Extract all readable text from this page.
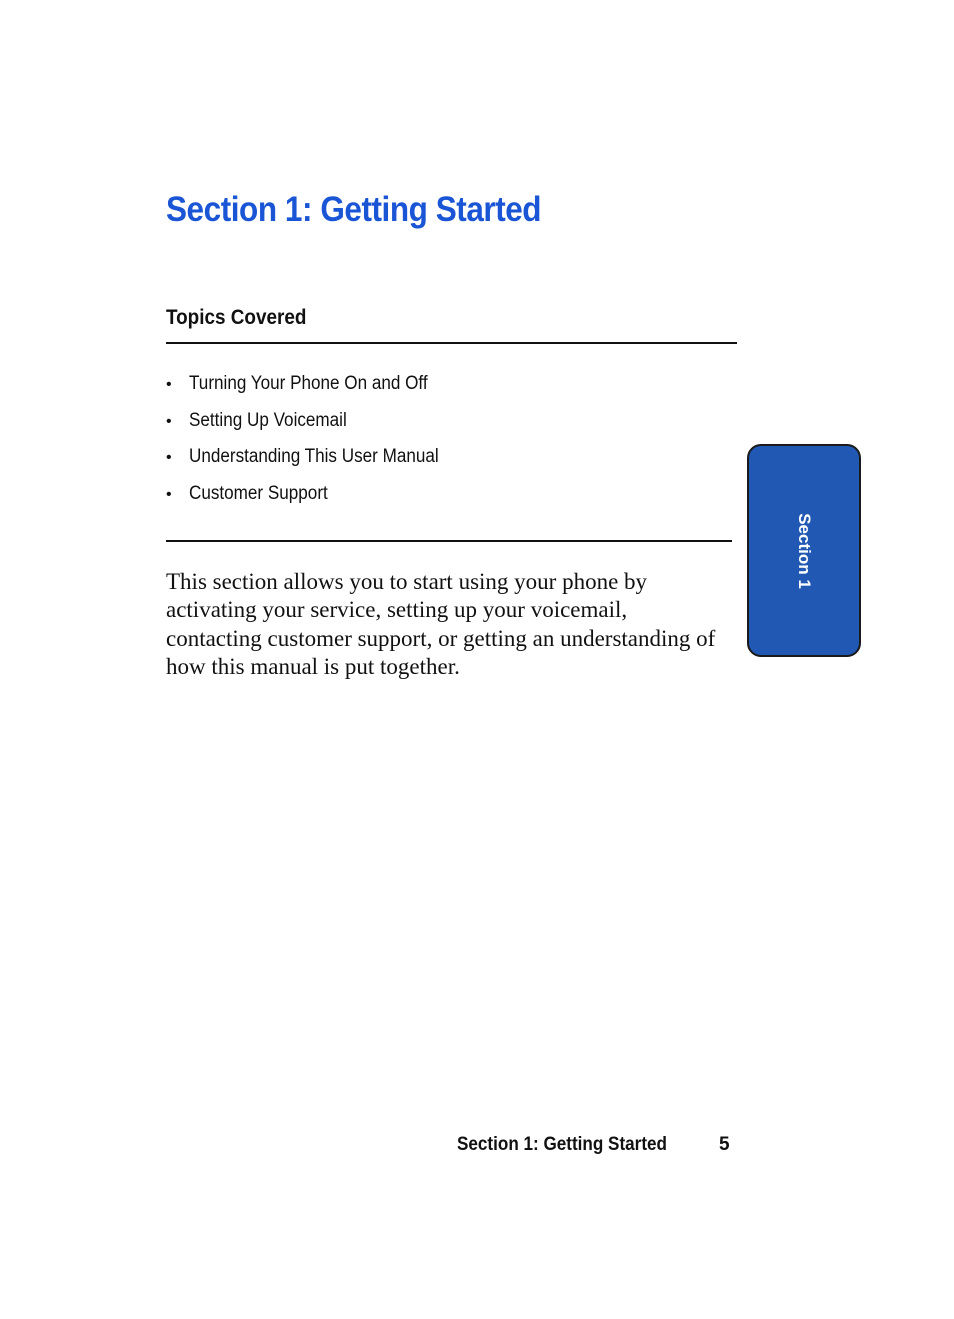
Section 1: Getting Started
Topics Covered
• Turning Your Phone On and Off
• Setting Up Voicemail
• Understanding This User Manual
• Customer Support

This section allows you to start using your phone by activating your service, setting up your voicemail, contacting customer support, or getting an understanding of how this manual is put together.

Section 1
Section 1: Getting Started	5
